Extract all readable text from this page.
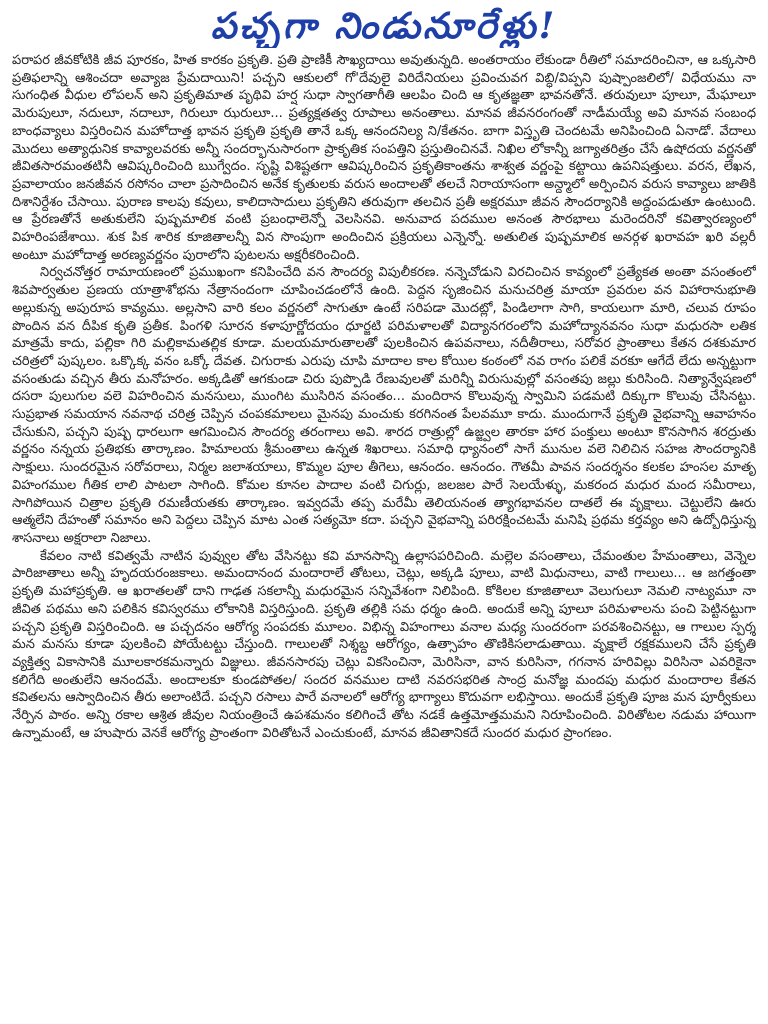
పచ్చగా నిండునూరేళ్లు!

పరాపర జీవకోటికి జీవ పూరకం, హిత కారకం ప్రకృతి. ప్రతి ప్రాణికీ సౌఖ్యదాయి అవుతున్నది. అంతరాయం లేకుండా రీతిలో సమాదరించినా, ఆ ఒక్కసారి ప్రతిఫలాన్ని ఆశించదా అవ్యాజ ప్రేమదాయిని! పచ్చని ఆకులలో గో'దేవులై విరిదేనియలు ప్రవించువగ విబ్ధి/విప్పని పుష్పాంజలిలో/ విధేయము నా సుగంధిత వీధుల లోపలన్ అని ప్రకృతిమాత పృథివి హర్ష సుధా స్వాగతాగీతి ఆలపిం చింది ఆ కృతజ్ఞతా భావనతోనే. తరువులూ పూలూ, మేఘాలూ మెరుపులూ, నదులూ, నదాలూ, గిరులూ ఝరులూ... ప్రత్యక్షతత్వ రూపాలు అనంతాలు. మానవ జీవనరంగంతో నాడీమయ్యే అవి మానవ సంబంధ బాంధవ్యాలు విస్తరించిన మహోదాత్త భావన ప్రకృతి ప్రకృతి తానే ఒక్క ఆనందనిల్య ని/కేతనం. బాగా విస్తృతి చెందటమే అనిపించింది ఏనాడో. వేదాలు మొదలు అత్యాధునిక కావ్యాలవరకు అన్నీ సందర్భానుసారంగా ప్రాకృతిక సంపత్తిని ప్రస్తుతించినవే. నిఖిల లోకాన్నీ జగ్యాతరిత్రం చేసే ఉషోదయ వర్ణనతో జీవితసారమంతటినీ ఆవిష్కరించింది ఋగ్వేదం. సృష్టి విశిష్టతగా ఆవిష్కరించిన ప్రకృతికాంతను శాశ్వత వర్ణంపై కట్టాయి ఉపనిషత్తులు. వరన, లేఖన, ప్రవాలాయం జనజీవన రసోనం చాలా ప్రసాదించిన అనేక కృతులకు వరుస అందాలతో తలచే నిరాయాసంగా అన్ద్మాలో అర్పించిన వరుస కావ్యాలు జాతికి దిశానిర్దేశం చేసాయి. పురాణ కాలపు కవులు, కాలిదాసాదులు ప్రకృతిని తరువుగా తలచిన ప్రతీ అక్షరమూ జీవన సౌందర్యానికి అద్దంపడుతూ ఉంటుంది. ఆ ప్రేరణతోనే అతుకులేని పుష్పమాలిక వంటి ప్రబంధాలెన్నో వెలసినవి. అనువాద పదముల అనంత సౌరభాలు మరెందరినో కవిత్వారణ్యంలో విహరింపజేశాయి. శుక పిక శారిక కూజితాలన్నీ విన సొంపుగా అందించిన ప్రక్రియలు ఎన్నెన్నో. అతులిత పుష్పమాలిక అనర్గళ ఖరావహ ఖరి వల్లరీ అంటూ మహోదాత్త అరణ్యవర్ణనం పురాలోని పుటలను అక్షరీకరించింది.

నిర్వచనోత్తర రామాయణంలో ప్రముఖంగా కనిపించేది వన సౌందర్య విపులీకరణ. నన్నెచోడుని విరచించిన కావ్యంలో ప్రత్యేకత అంతా వసంతంలో శివపార్వతుల ప్రణయ యాత్రాశోభను నేత్రానందంగా చూపించడంలోనే ఉంది. పెద్దన సృజించిన మనుచరిత్ర మాయా ప్రవరుల వన విహారానుభూతి అల్లుకున్న అపురూప కావ్యము. అల్లసాని వారి కలం వర్ణనలో సాగుతూ ఉంటే సరిపడా మొదట్లో, పిండిలాగా సాగి, కాయలుగా మారి, చలువ రూపం పొందిన వన దీపిక కృతి ప్రతీక. పింగళి సూరన కళాపూర్ణోదయం ధూర్జటి పరిమళాలతో విద్యానగరంలోని మహోద్యానవనం సుధా మధురసా లతిక మాత్రమే కాదు, పల్లికా గిరి మల్లికామతల్లిక కూడా. మలయమారుతాలతో పులకించిన ఉపవనాలు, నదీతీరాలు, సరోవర ప్రాంతాలు కేతన దశకుమార చరిత్రలో పుష్కలం. ఒక్కొక్క వనం ఒక్కో దేవత. చిగురాకు ఎరుపు చూపి మాదాల కాల కోయిల కంఠంలో నవ రాగం పలికే వరకూ ఆగేదే లేదు అన్నట్టుగా వసంతుడు వచ్చిన తీరు మనోహరం. అక్కడితో ఆగకుండా చిరు పుప్పొడి రేణువులతో మరిన్నీ విరుసువుల్లో వసంతపు జల్లు కురిసింది. నిత్యాన్వేషణలో దసరా పులుగుల వలె విహరించిన మనసులు, ముంగిట ముసిరిన వసంతం... మందిరాన కొలువున్న స్వామిని పడమటి దిక్కుగా కొలువు చేసినట్టు. సుప్రభాత సమయాన నవనాథ చరిత్ర చెప్పిన చంపకమాలలు మైనపు మంచుకు కరగినంత పేలవమూ కాదు. ముందుగానే ప్రకృతి వైభవాన్ని ఆవాహనం చేసుకుని, పచ్చని పుష్ప ధారలుగా ఆగమించిన సౌందర్య తరంగాలు అవి. శారద రాత్రుల్లో ఉజ్జ్వల తారకా హార పంక్తులు అంటూ కొనసాగిన శరద్రుతు వర్ణనం నన్నయ ప్రతిభకు తార్కాణం. హిమాలయ శ్రీమంతాలు ఉన్నత శిఖరాలు. సమాధి ధ్యానంలో సాగే మునుల వలె నిలిచిన సహజ సౌందర్యానికి సాక్షులు. సుందరమైన సరోవరాలు, నిర్మల జలాశయాలు, కొమ్మల పూల తీగెలు, ఆనందం. ఆనందం. గౌతమీ పావన సందర్శనం కలకల హంసల మాతృ విహంగముల గీతిక లాలి పాటలా సాగింది. కోమల కూనల పాదాల వంటి చిగుర్లు, జలజల పారే సెలయేళ్ళు, మకరంద మధుర మంద సమీరాలు, సాగిపోయిన చిత్రాల ప్రకృతి రమణీయతకు తార్కాణం. ఇవ్వదమే తప్ప మరేమీ తెలియనంత త్యాగభావనల దాతలే ఈ వృక్షాలు. చెట్టులేని ఊరు ఆత్మలేని దేహంతో సమానం అని పెద్దలు చెప్పిన మాట ఎంత సత్యమో కదా. పచ్చని వైభవాన్ని పరిరక్షించటమే మనిషి ప్రథమ కర్తవ్యం అని ఉద్బోధిస్తున్న శాసనాలు అక్షరాలా నిజాలు.

కేవలం నాటి కవిత్వమే నాటిన పువ్వుల తోట వేసినట్టు కవి మానసాన్ని ఉల్లాసపరిచింది. మల్లెల వసంతాలు, చేమంతుల హేమంతాలు, వెన్నెల పారిజాతాలు అన్నీ హృదయరంజకాలు. అమందానంద మందారాలే తోటలు, చెట్లు, అక్కడి పూలు, వాటి మిధునాలు, వాటి గాలులు... ఆ జగత్తంతా ప్రకృతి మహాప్రకృతి. ఆ ఖరాతలతో దాని గాఢత సకలాన్నీ మధురమైన సన్నివేశంగా నిలిపింది. కోకిలల కూజితాలూ వెలుగులూ నెమలి నాట్యమూ నా జీవిత పథము అని పలికిన కవిస్వరము లోకానికి విస్తరిస్తుంది. ప్రకృతి తల్లికి సమ ధర్మం ఉంది. అందుకే అన్ని పూలూ పరిమళాలను పంచి పెట్టినట్టుగా పచ్చని ప్రకృతి విస్తరించింది. ఆ పచ్చదనం ఆరోగ్య సంపదకు మూలం. విభిన్న విహంగాలు వనాల మధ్య సుందరంగా పరవశించినట్టు, ఆ గాలుల స్పర్శ మన మనసు కూడా పులకించి పోయేటట్టు చేస్తుంది. గాలులతో నిశ్శబ్ద ఆరోగ్యం, ఉత్సాహం తొణికిసలాడుతాయి. వృక్షాలే రక్షకములని చేసే ప్రకృతి వ్యక్తిత్వ వికాసానికి మూలకారకమన్నారు విజ్ఞులు. జీవనసారపు చెట్లు వికసించినా, మెరిసినా, వాన కురిసినా, గగనాన హరివిల్లు విరిసినా ఎవరికైనా కలిగేది అంతులేని ఆనందమే. అందాలకూ కుండపోతల/ సందర వనముల దాటి నవరసభరిత సాంద్ర మనోజ్ఞ మందపు మధుర మందారాల కేతన కవితలను ఆస్వాదించిన తీరు అలాంటిదే. పచ్చని రసాలు పారే వనాలలో ఆరోగ్య భాగ్యాలు కొదువగా లభిస్తాయి. అందుకే ప్రకృతి పూజ మన పూర్వీకులు నేర్పిన పాఠం. అన్ని రకాల ఆశ్రిత జీవుల నియంత్రించే ఉపశమనం కలిగించే తోట నడకే ఉత్తమోత్తమమని నిరూపించింది. విరితోటల నడుమ హాయిగా ఉన్నామంటే, ఆ హుషారు వెనకే ఆరోగ్య ప్రాంతంగా విరితోటనే ఎంచుకుంటే, మానవ జీవితానికదే సుందర మధుర ప్రాంగణం.
